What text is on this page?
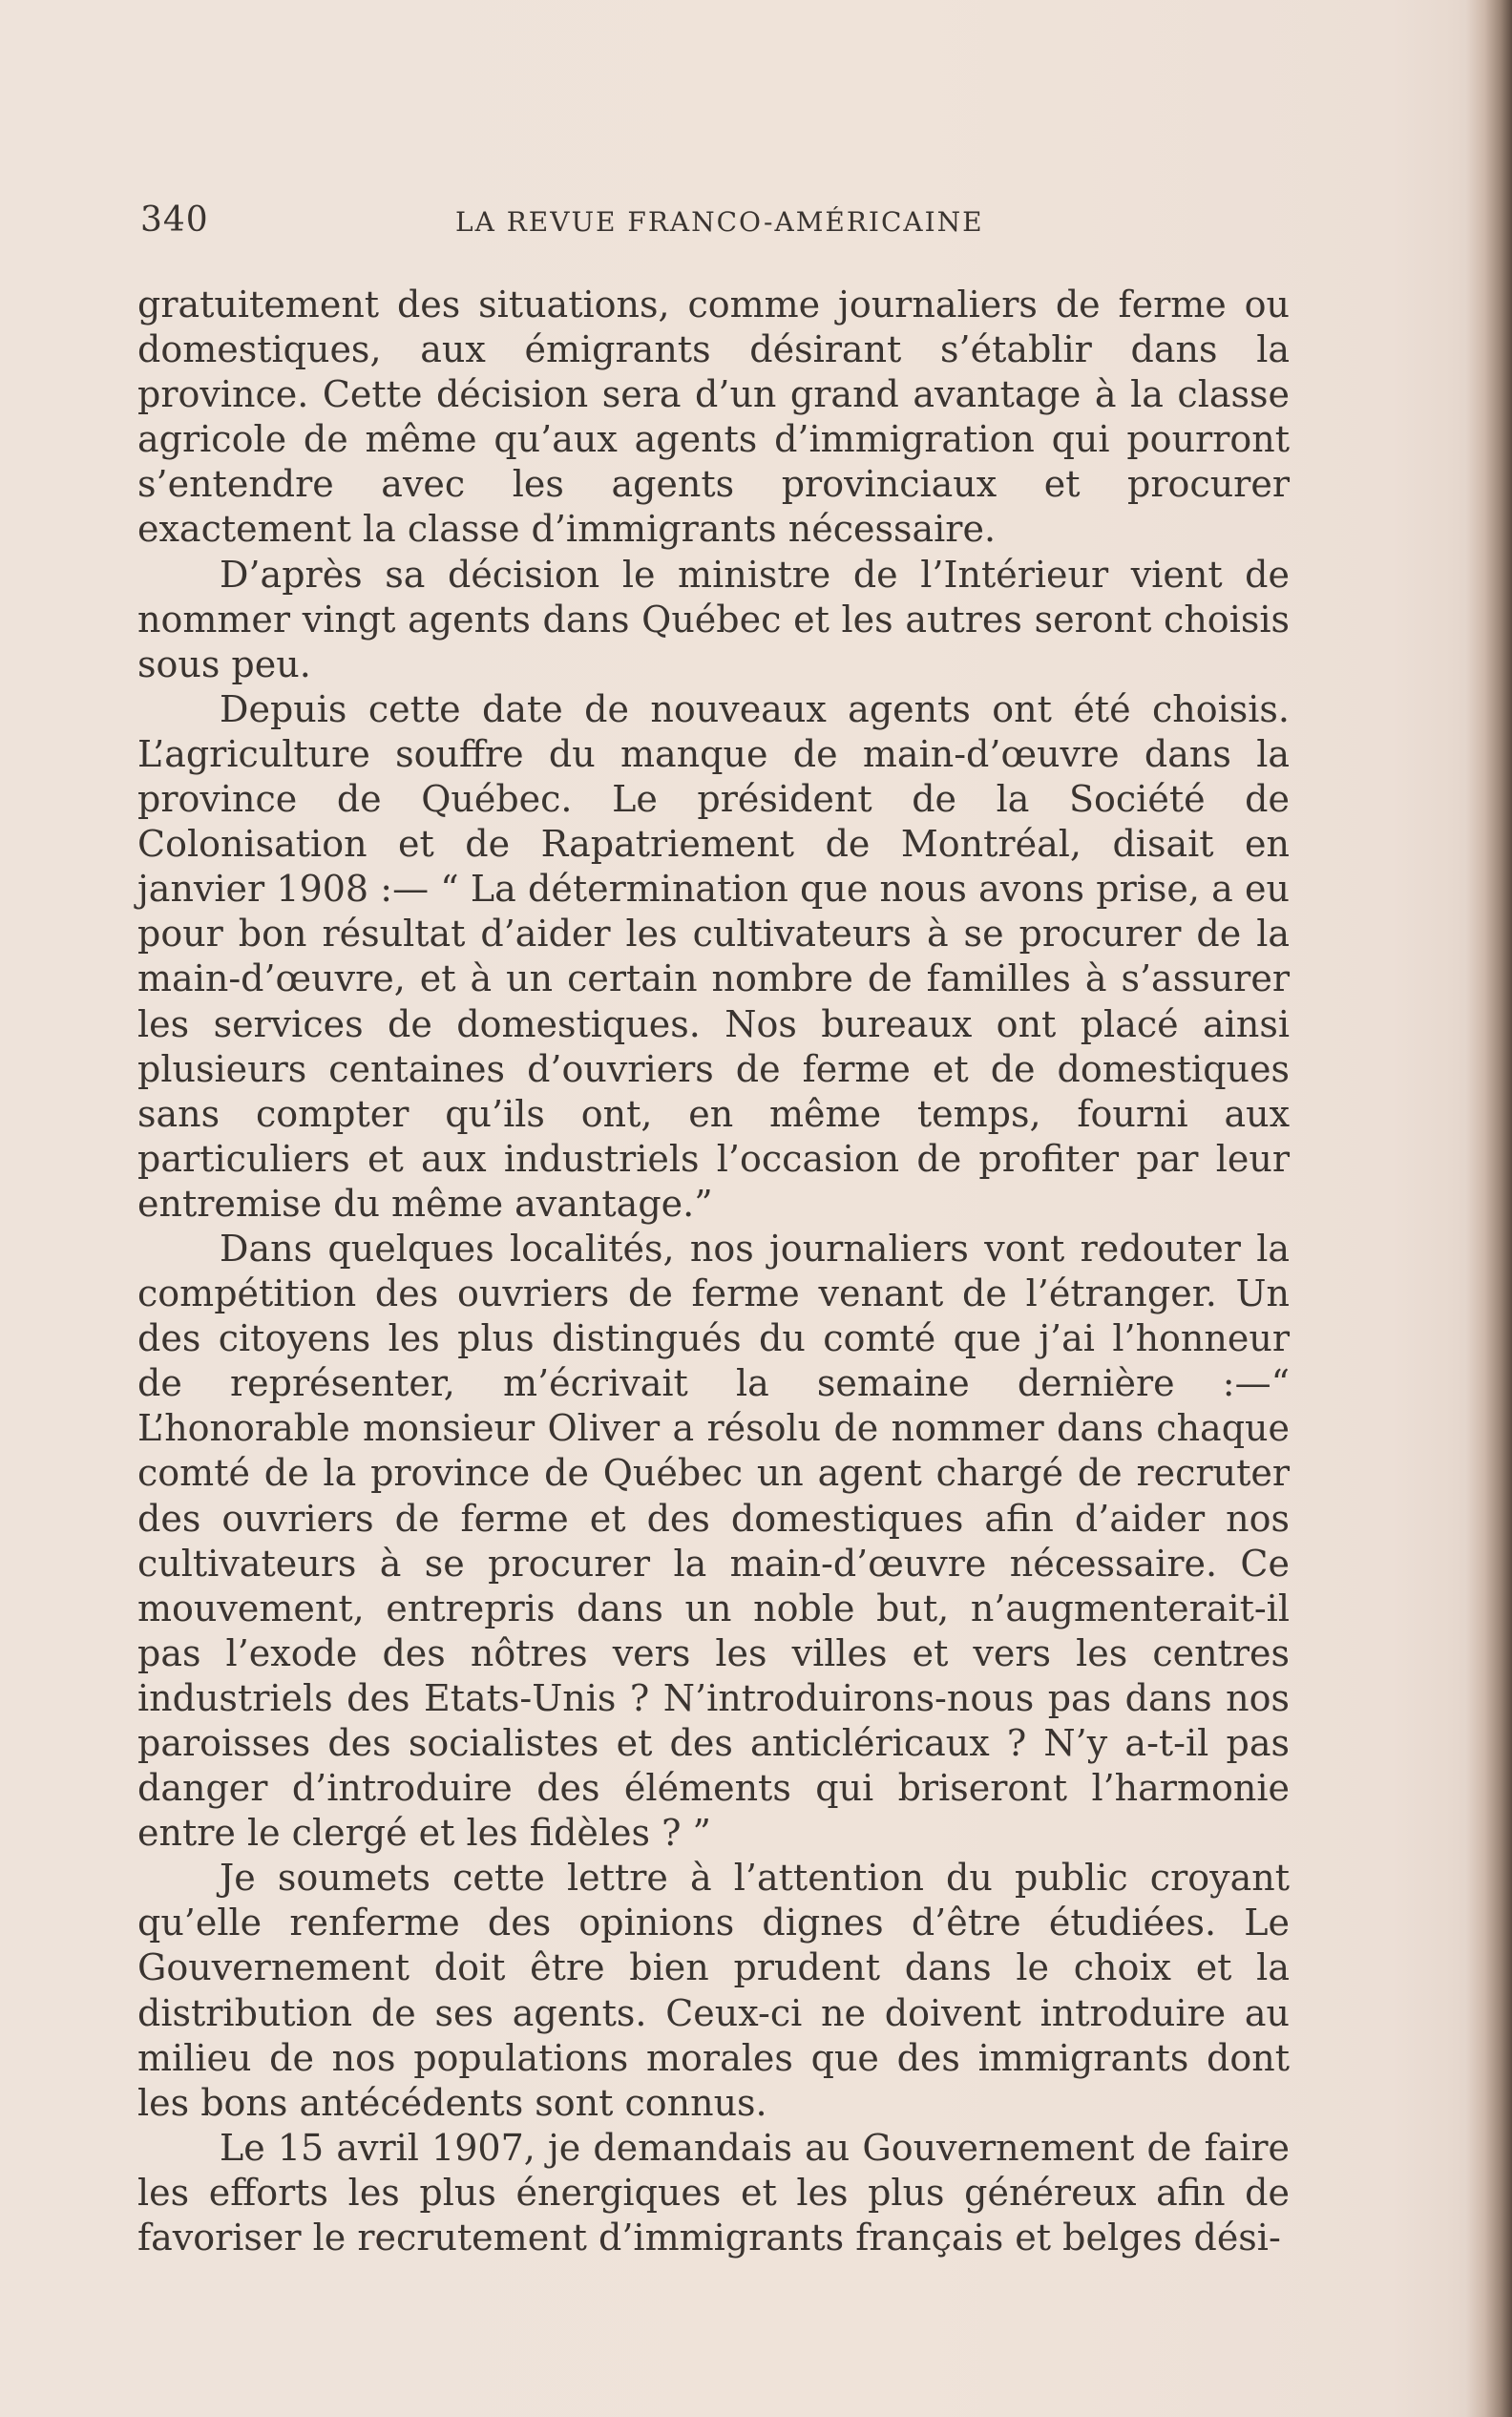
340	LA REVUE FRANCO-AMÉRICAINE

gratuitement des situations, comme journaliers de ferme ou domestiques, aux émigrants désirant s’établir dans la province. Cette décision sera d’un grand avantage à la classe agricole de même qu’aux agents d’immigration qui pourront s’entendre avec les agents provinciaux et procurer exactement la classe d’immigrants nécessaire.

D’après sa décision le ministre de l’Intérieur vient de nommer vingt agents dans Québec et les autres seront choisis sous peu.

Depuis cette date de nouveaux agents ont été choisis. L’agriculture souffre du manque de main-d’œuvre dans la province de Québec. Le président de la Société de Colonisation et de Rapatriement de Montréal, disait en janvier 1908 :— “ La détermination que nous avons prise, a eu pour bon résultat d’aider les cultivateurs à se procurer de la main-d’œuvre, et à un certain nombre de familles à s’assurer les services de domestiques. Nos bureaux ont placé ainsi plusieurs centaines d’ouvriers de ferme et de domestiques sans compter qu’ils ont, en même temps, fourni aux particuliers et aux industriels l’occasion de profiter par leur entremise du même avantage.”

Dans quelques localités, nos journaliers vont redouter la compétition des ouvriers de ferme venant de l’étranger. Un des citoyens les plus distingués du comté que j’ai l’honneur de représenter, m’écrivait la semaine dernière :—“ L’honorable monsieur Oliver a résolu de nommer dans chaque comté de la province de Québec un agent chargé de recruter des ouvriers de ferme et des domestiques afin d’aider nos cultivateurs à se procurer la main-d’œuvre nécessaire. Ce mouvement, entrepris dans un noble but, n’augmenterait-il pas l’exode des nôtres vers les villes et vers les centres industriels des Etats-Unis ? N’introduirons-nous pas dans nos paroisses des socialistes et des anticléricaux ? N’y a-t-il pas danger d’introduire des éléments qui briseront l’harmonie entre le clergé et les fidèles ? ”

Je soumets cette lettre à l’attention du public croyant qu’elle renferme des opinions dignes d’être étudiées. Le Gouvernement doit être bien prudent dans le choix et la distribution de ses agents. Ceux-ci ne doivent introduire au milieu de nos populations morales que des immigrants dont les bons antécédents sont connus.

Le 15 avril 1907, je demandais au Gouvernement de faire les efforts les plus énergiques et les plus généreux afin de favoriser le recrutement d’immigrants français et belges dési-
